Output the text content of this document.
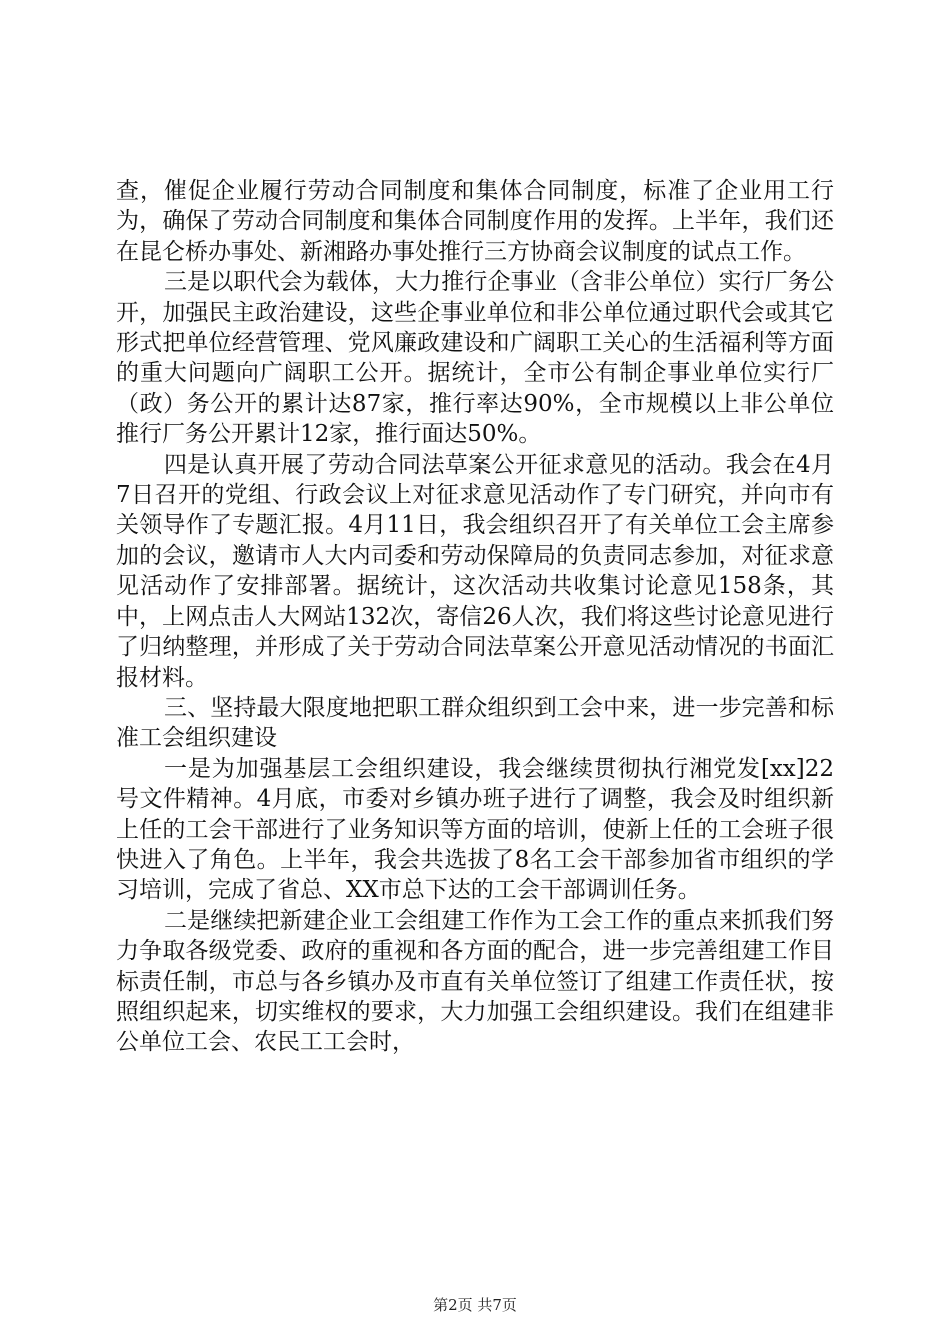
查，催促企业履行劳动合同制度和集体合同制度，标准了企业用工行为，确保了劳动合同制度和集体合同制度作用的发挥。上半年，我们还在昆仑桥办事处、新湘路办事处推行三方协商会议制度的试点工作。

三是以职代会为载体，大力推行企事业（含非公单位）实行厂务公开，加强民主政治建设，这些企事业单位和非公单位通过职代会或其它形式把单位经营管理、党风廉政建设和广阔职工关心的生活福利等方面的重大问题向广阔职工公开。据统计，全市公有制企事业单位实行厂（政）务公开的累计达87家，推行率达90%，全市规模以上非公单位推行厂务公开累计12家，推行面达50%。

四是认真开展了劳动合同法草案公开征求意见的活动。我会在4月7日召开的党组、行政会议上对征求意见活动作了专门研究，并向市有关领导作了专题汇报。4月11日，我会组织召开了有关单位工会主席参加的会议，邀请市人大内司委和劳动保障局的负责同志参加，对征求意见活动作了安排部署。据统计，这次活动共收集讨论意见158条，其中，上网点击人大网站132次，寄信26人次，我们将这些讨论意见进行了归纳整理，并形成了关于劳动合同法草案公开意见活动情况的书面汇报材料。

三、坚持最大限度地把职工群众组织到工会中来，进一步完善和标准工会组织建设

一是为加强基层工会组织建设，我会继续贯彻执行湘党发[xx]22号文件精神。4月底，市委对乡镇办班子进行了调整，我会及时组织新上任的工会干部进行了业务知识等方面的培训，使新上任的工会班子很快进入了角色。上半年，我会共选拔了8名工会干部参加省市组织的学习培训，完成了省总、XX市总下达的工会干部调训任务。

二是继续把新建企业工会组建工作作为工会工作的重点来抓我们努力争取各级党委、政府的重视和各方面的配合，进一步完善组建工作目标责任制，市总与各乡镇办及市直有关单位签订了组建工作责任状，按照组织起来，切实维权的要求，大力加强工会组织建设。我们在组建非公单位工会、农民工工会时，

第2页 共7页
